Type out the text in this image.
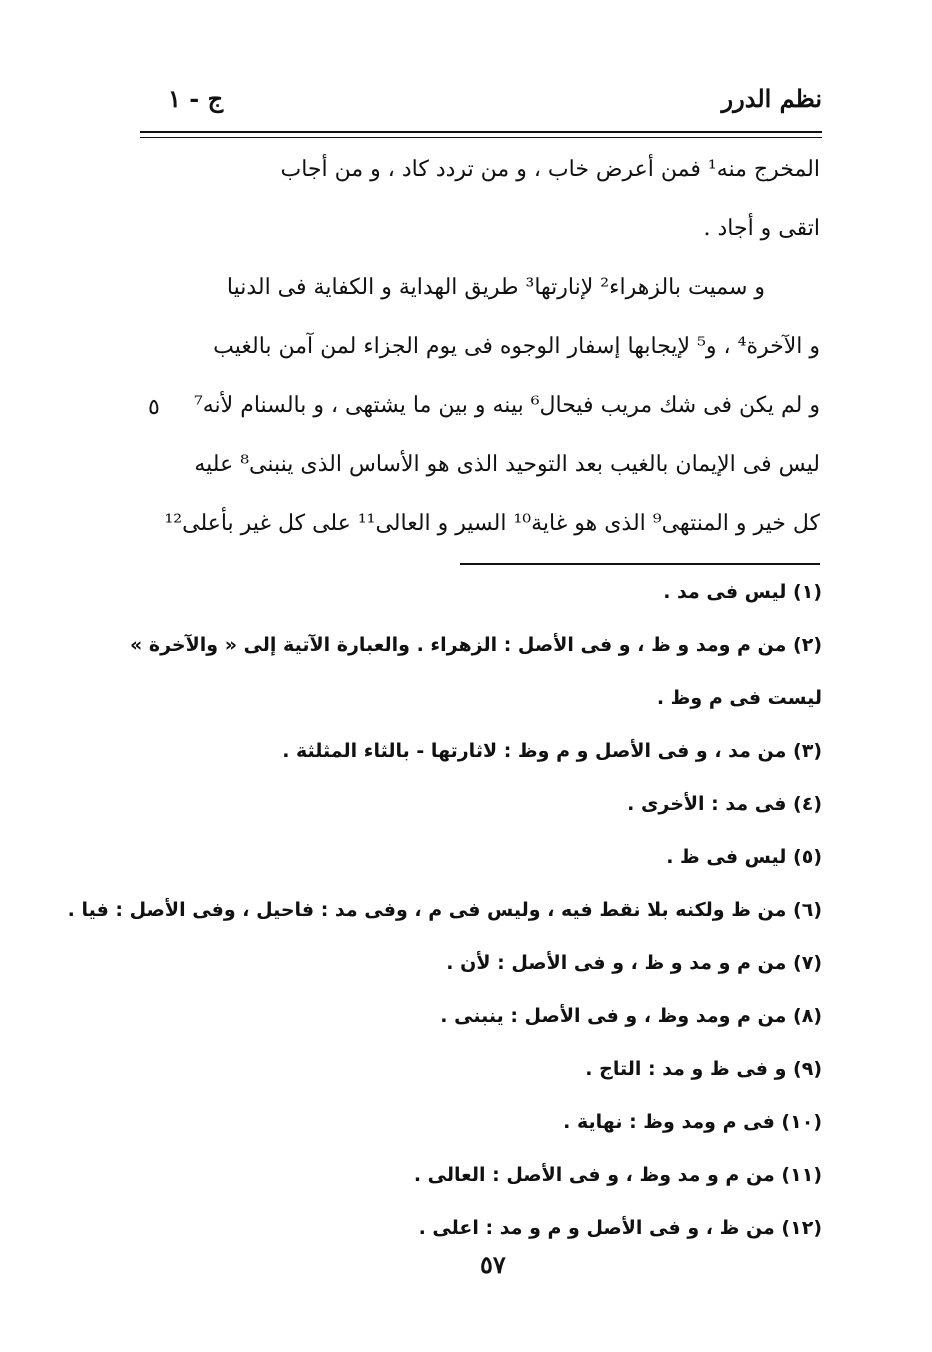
نظم الدرر
ج - ١
المخرج منه¹ فمن أعرض خاب ، و من تردد كاد ، و من أجاب
اتقى و أجاد .
و سميت بالزهراء² لإنارتها³ طريق الهداية و الكفاية فى الدنيا
و الآخرة⁴ ، و⁵ لإيجابها إسفار الوجوه فى يوم الجزاء لمن آمن بالغيب
و لم يكن فى شك مريب فيحال⁶ بينه و بين ما يشتهى ، و بالسنام لأنه⁷
ليس فى الإيمان بالغيب بعد التوحيد الذى هو الأساس الذى ينبنى⁸ عليه
كل خير و المنتهى⁹ الذى هو غاية¹⁰ السير و العالى¹¹ على كل غير بأعلى¹²
٥
(١) ليس فى مد .
(٢) من م ومد و ظ ، و فى الأصل : الزهراء . والعبارة الآتية إلى « والآخرة »
ليست فى م وظ .
(٣) من مد ، و فى الأصل و م وظ : لاثارتها - بالثاء المثلثة .
(٤) فى مد : الأخرى .
(٥) ليس فى ظ .
(٦) من ظ ولكنه بلا نقط فيه ، وليس فى م ، وفى مد : فاحيل ، وفى الأصل : فيا .
(٧) من م و مد و ظ ، و فى الأصل : لأن .
(٨) من م ومد وظ ، و فى الأصل : ينبنى .
(٩) و فى ظ و مد : التاج .
(١٠) فى م ومد وظ : نهاية .
(١١) من م و مد وظ ، و فى الأصل : العالى .
(١٢) من ظ ، و فى الأصل و م و مد : اعلى .
٥٧
